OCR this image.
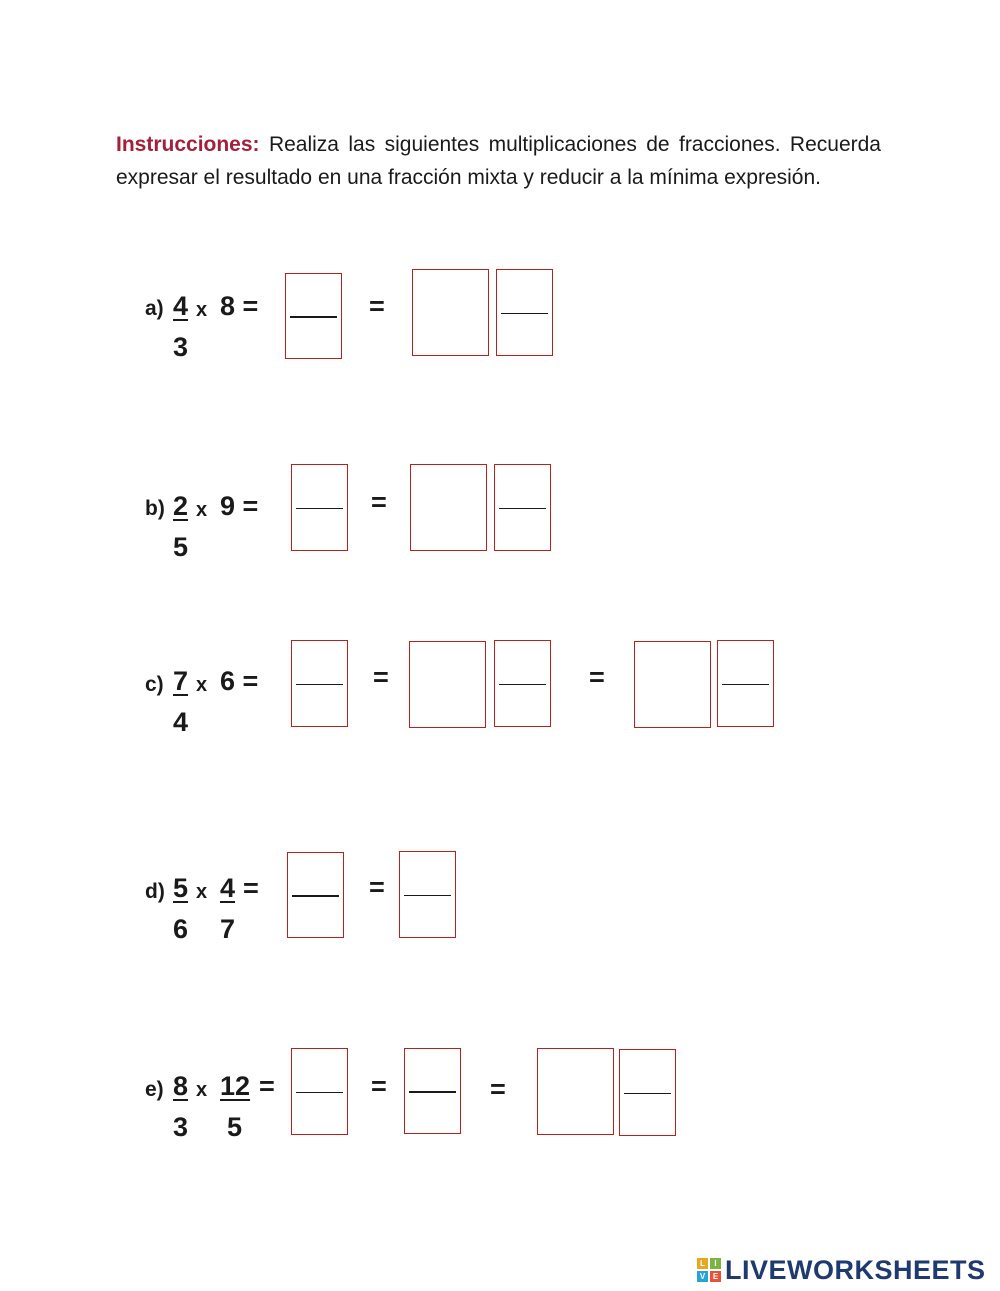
Instrucciones: Realiza las siguientes multiplicaciones de fracciones. Recuerda expresar el resultado en una fracción mixta y reducir a la mínima expresión.

a) 4
3
x 8 =	=
b) 2
5
x 9 =	=
c) 7
4
x 6 =	=	=
d) 5
6
x 4
7
=	=
e) 8
3
x 12
5
=	=	=
L	I
V E LIVEWORKSHEETS
